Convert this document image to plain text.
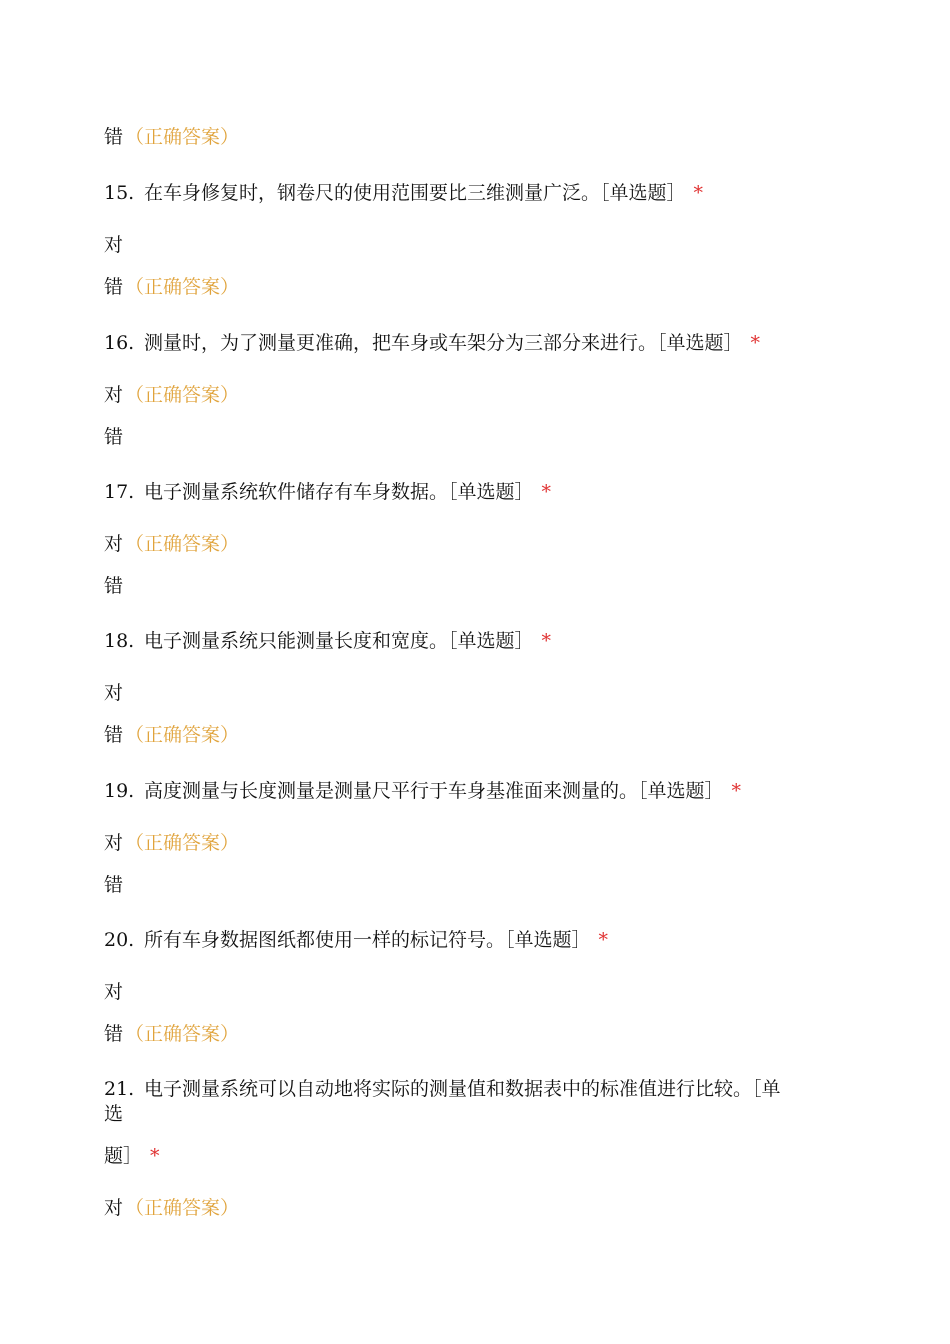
错 （正确答案）
15. 在车身修复时，钢卷尺的使用范围要比三维测量广泛。［单选题］ *
对
错 （正确答案）
16. 测量时，为了测量更准确，把车身或车架分为三部分来进行。［单选题］ *
对 （正确答案）
错
17. 电子测量系统软件储存有车身数据。［单选题］ *
对 （正确答案）
错
18. 电子测量系统只能测量长度和宽度。［单选题］ *
对
错 （正确答案）
19. 高度测量与长度测量是测量尺平行于车身基准面来测量的。［单选题］ *
对 （正确答案）
错
20. 所有车身数据图纸都使用一样的标记符号。［单选题］ *
对
错 （正确答案）
21. 电子测量系统可以自动地将实际的测量值和数据表中的标准值进行比较。［单
选
题］ *
对 （正确答案）
